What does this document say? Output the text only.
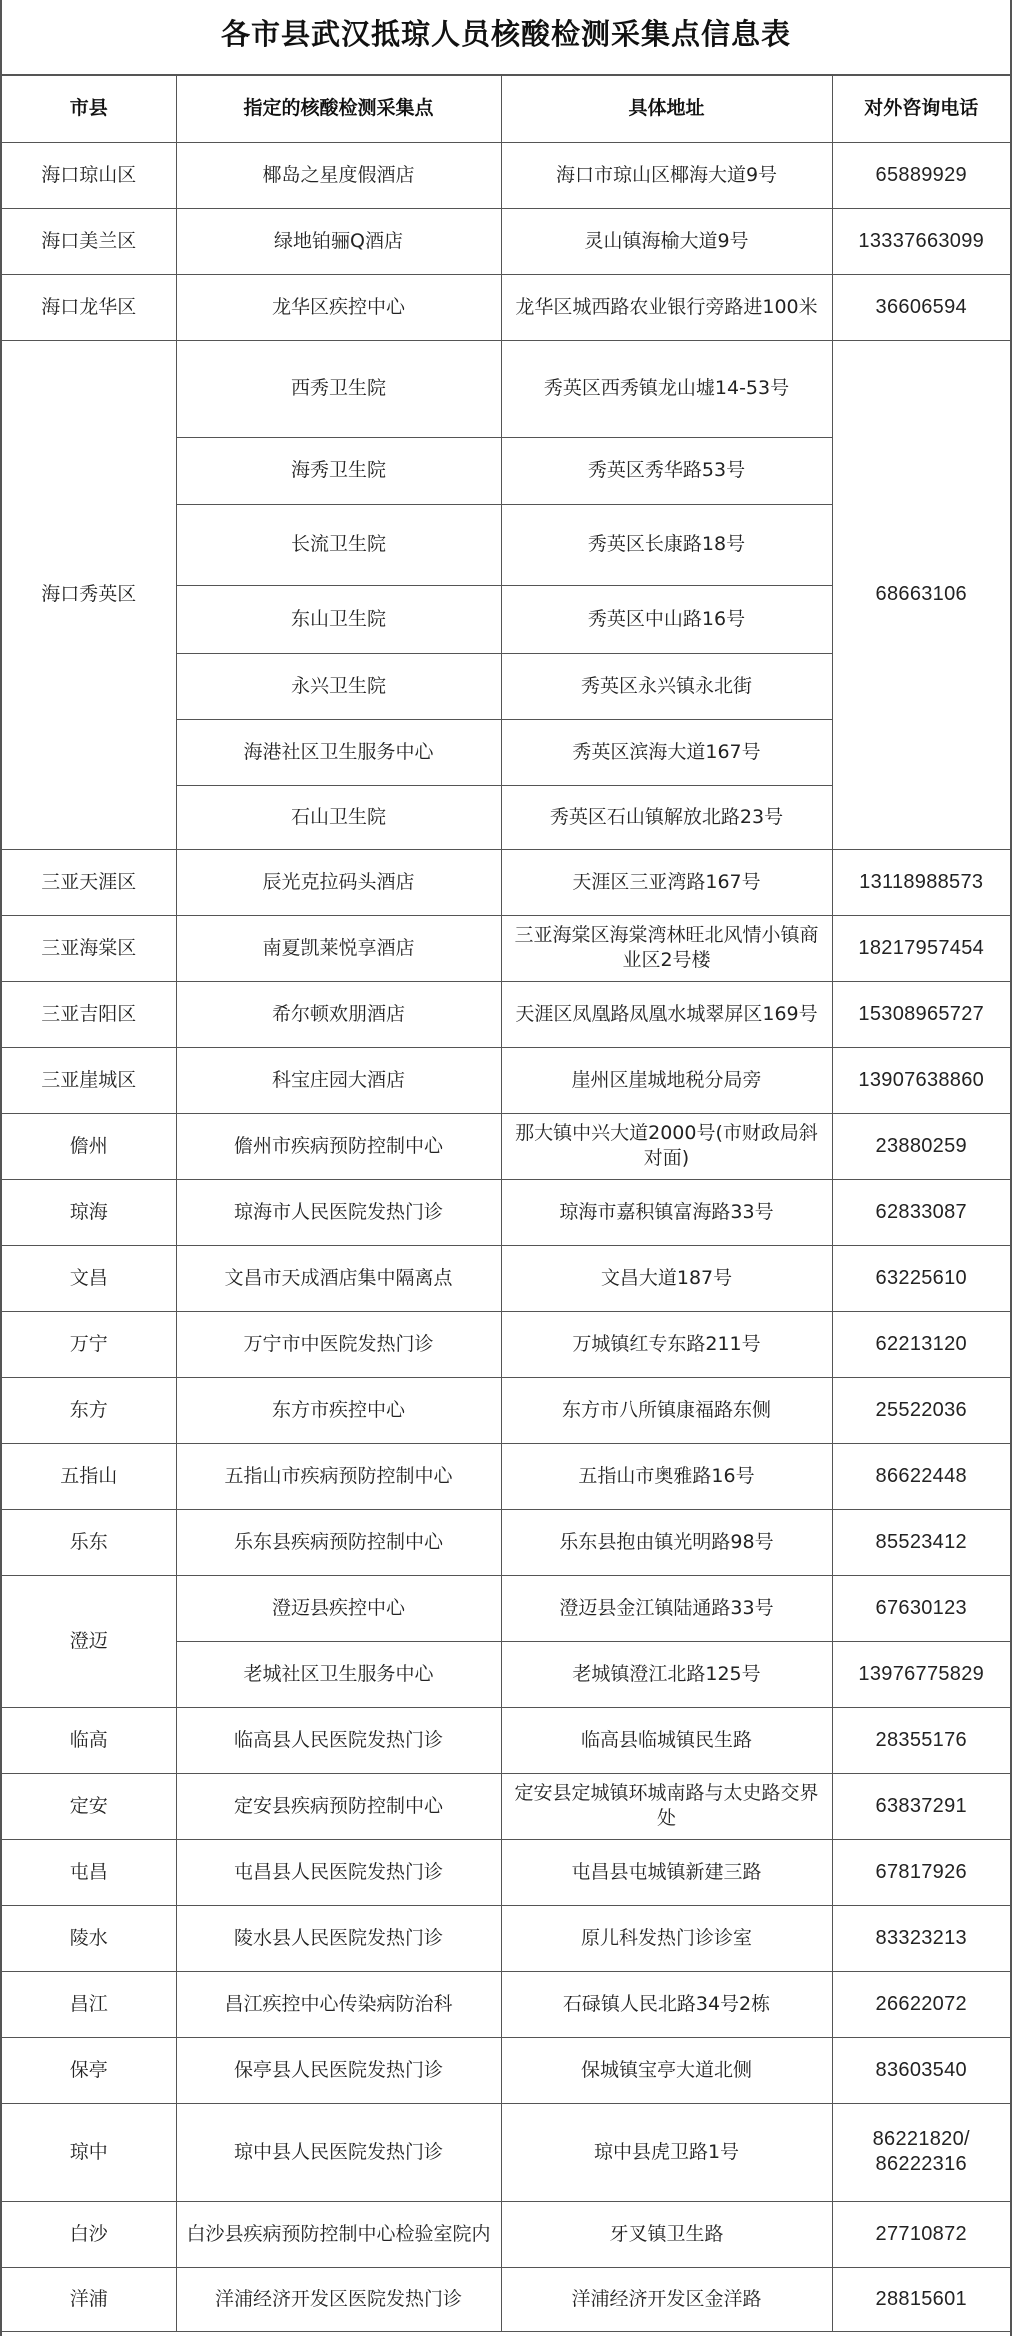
各市县武汉抵琼人员核酸检测采集点信息表
市县	指定的核酸检测采集点	具体地址	对外咨询电话
海口琼山区	椰岛之星度假酒店	海口市琼山区椰海大道9号	65889929
海口美兰区	绿地铂骊Q酒店	灵山镇海榆大道9号	13337663099
海口龙华区	龙华区疾控中心	龙华区城西路农业银行旁路进100米	36606594
海口秀英区	西秀卫生院	秀英区西秀镇龙山墟14-53号	68663106
	海秀卫生院	秀英区秀华路53号	
	长流卫生院	秀英区长康路18号	
	东山卫生院	秀英区中山路16号	
	永兴卫生院	秀英区永兴镇永北街	
	海港社区卫生服务中心	秀英区滨海大道167号	
	石山卫生院	秀英区石山镇解放北路23号	
三亚天涯区	辰光克拉码头酒店	天涯区三亚湾路167号	13118988573
三亚海棠区	南夏凯莱悦享酒店	三亚海棠区海棠湾林旺北风情小镇商业区2号楼	18217957454
三亚吉阳区	希尔顿欢朋酒店	天涯区凤凰路凤凰水城翠屏区169号	15308965727
三亚崖城区	科宝庄园大酒店	崖州区崖城地税分局旁	13907638860
儋州	儋州市疾病预防控制中心	那大镇中兴大道2000号(市财政局斜对面)	23880259
琼海	琼海市人民医院发热门诊	琼海市嘉积镇富海路33号	62833087
文昌	文昌市天成酒店集中隔离点	文昌大道187号	63225610
万宁	万宁市中医院发热门诊	万城镇红专东路211号	62213120
东方	东方市疾控中心	东方市八所镇康福路东侧	25522036
五指山	五指山市疾病预防控制中心	五指山市奥雅路16号	86622448
乐东	乐东县疾病预防控制中心	乐东县抱由镇光明路98号	85523412
澄迈	澄迈县疾控中心	澄迈县金江镇陆通路33号	67630123
	老城社区卫生服务中心	老城镇澄江北路125号	13976775829
临高	临高县人民医院发热门诊	临高县临城镇民生路	28355176
定安	定安县疾病预防控制中心	定安县定城镇环城南路与太史路交界处	63837291
屯昌	屯昌县人民医院发热门诊	屯昌县屯城镇新建三路	67817926
陵水	陵水县人民医院发热门诊	原儿科发热门诊诊室	83323213
昌江	昌江疾控中心传染病防治科	石碌镇人民北路34号2栋	26622072
保亭	保亭县人民医院发热门诊	保城镇宝亭大道北侧	83603540
琼中	琼中县人民医院发热门诊	琼中县虎卫路1号	86221820/ 86222316
白沙	白沙县疾病预防控制中心检验室院内	牙叉镇卫生路	27710872
洋浦	洋浦经济开发区医院发热门诊	洋浦经济开发区金洋路	28815601
